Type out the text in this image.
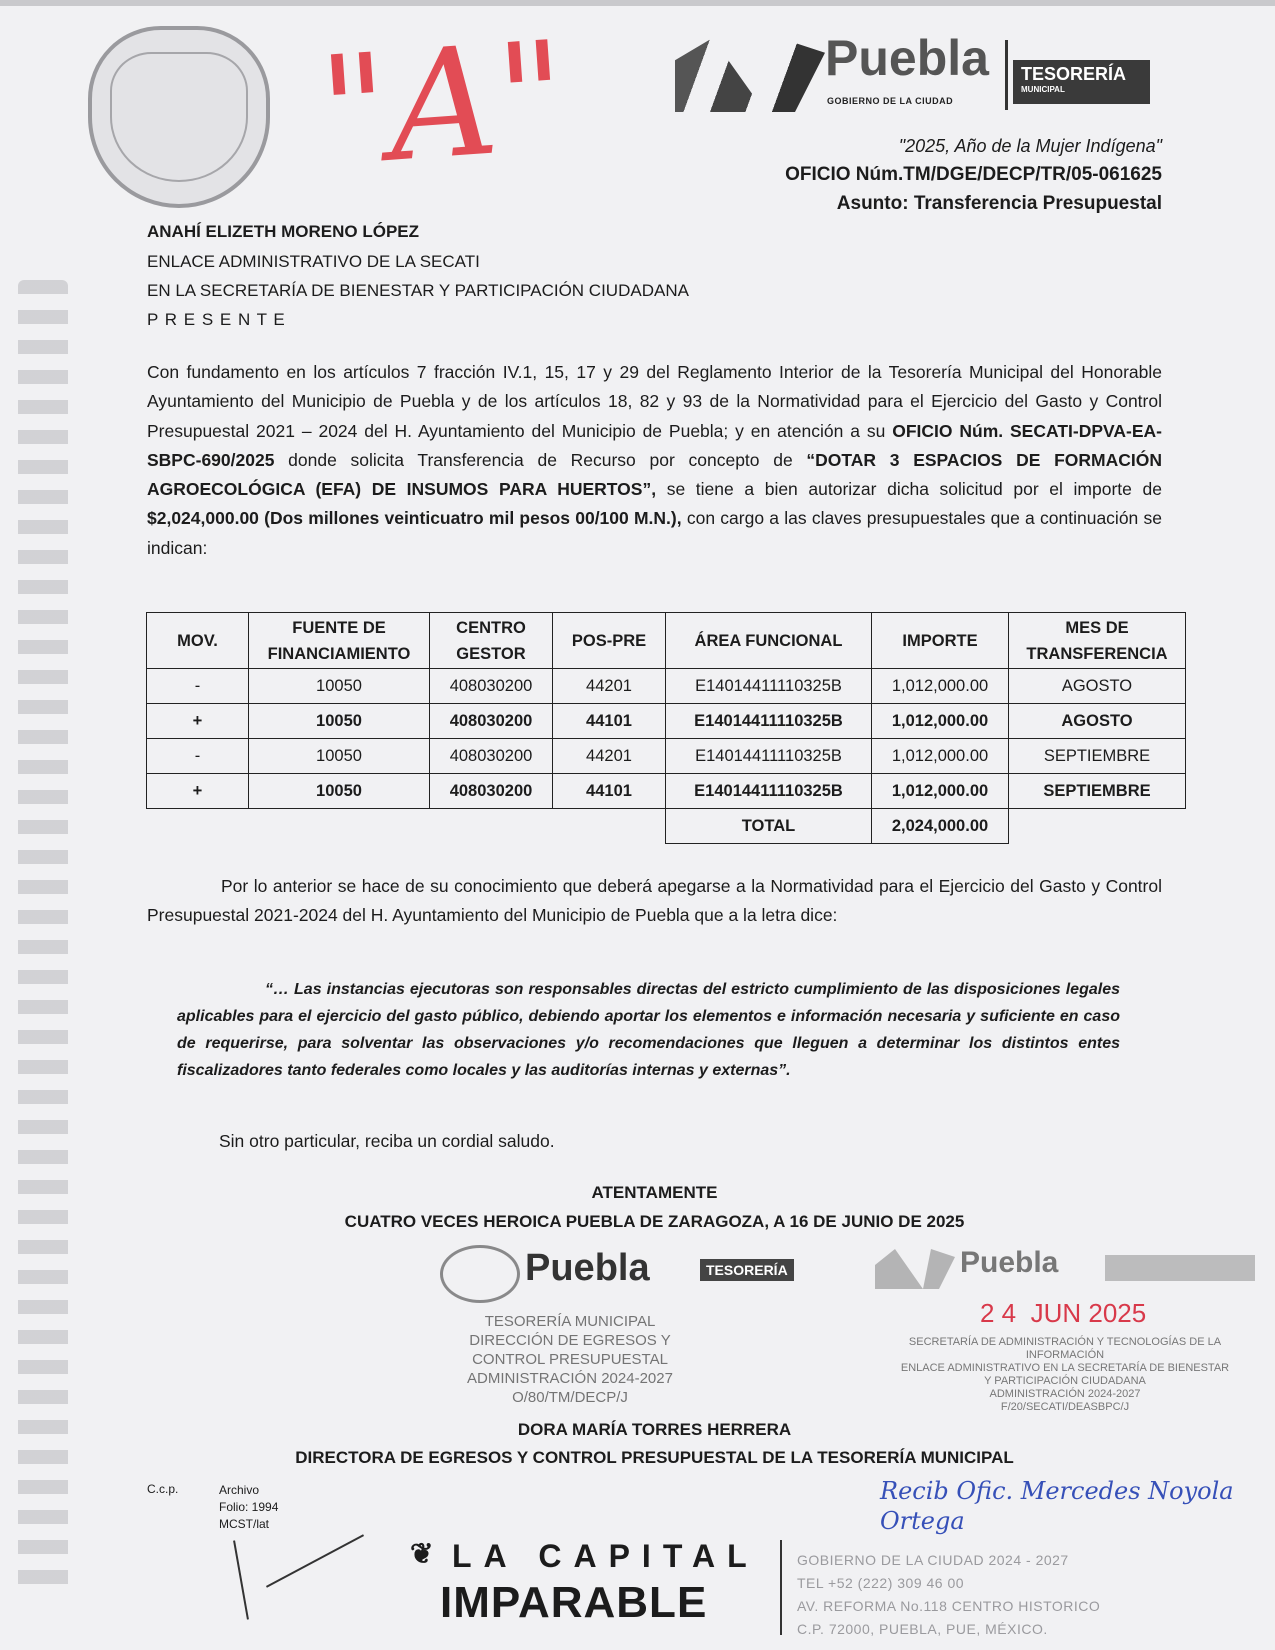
"A"	Puebla
GOBIERNO DE LA CIUDAD
TESORERÍA
MUNICIPAL
"2025, Año de la Mujer Indígena"
OFICIO Núm.TM/DGE/DECP/TR/05-061625
Asunto: Transferencia Presupuestal
ANAHÍ ELIZETH MORENO LÓPEZ
ENLACE ADMINISTRATIVO DE LA SECATI
EN LA SECRETARÍA DE BIENESTAR Y PARTICIPACIÓN CIUDADANA
P R E S E N T E
Con fundamento en los artículos 7 fracción IV.1, 15, 17 y 29 del Reglamento Interior de la Tesorería Municipal del Honorable Ayuntamiento del Municipio de Puebla y de los artículos 18, 82 y 93 de la Normatividad para el Ejercicio del Gasto y Control Presupuestal 2021 – 2024 del H. Ayuntamiento del Municipio de Puebla; y en atención a su OFICIO Núm. SECATI-DPVA-EA-SBPC-690/2025 donde solicita Transferencia de Recurso por concepto de “DOTAR 3 ESPACIOS DE FORMACIÓN AGROECOLÓGICA (EFA) DE INSUMOS PARA HUERTOS”, se tiene a bien autorizar dicha solicitud por el importe de $2,024,000.00 (Dos millones veinticuatro mil pesos 00/100 M.N.), con cargo a las claves presupuestales que a continuación se indican:
MOV.	FUENTE DE FINANCIAMIENTO	CENTRO GESTOR	POS-PRE	ÁREA FUNCIONAL	IMPORTE	MES DE TRANSFERENCIA
-	10050	408030200	44201	E14014411110325B	1,012,000.00	AGOSTO
+	10050	408030200	44101	E14014411110325B	1,012,000.00	AGOSTO
-	10050	408030200	44201	E14014411110325B	1,012,000.00	SEPTIEMBRE
+	10050	408030200	44101	E14014411110325B	1,012,000.00	SEPTIEMBRE
				TOTAL	2,024,000.00	
Por lo anterior se hace de su conocimiento que deberá apegarse a la Normatividad para el Ejercicio del Gasto y Control Presupuestal 2021-2024 del H. Ayuntamiento del Municipio de Puebla que a la letra dice:
“… Las instancias ejecutoras son responsables directas del estricto cumplimiento de las disposiciones legales aplicables para el ejercicio del gasto público, debiendo aportar los elementos e información necesaria y suficiente en caso de requerirse, para solventar las observaciones y/o recomendaciones que lleguen a determinar los distintos entes fiscalizadores tanto federales como locales y las auditorías internas y externas”.
Sin otro particular, reciba un cordial saludo.
ATENTAMENTE
CUATRO VECES HEROICA PUEBLA DE ZARAGOZA, A 16 DE JUNIO DE 2025
Puebla	TESORERÍA
TESORERÍA MUNICIPAL
DIRECCIÓN DE EGRESOS Y
CONTROL PRESUPUESTAL
ADMINISTRACIÓN 2024-2027
O/80/TM/DECP/J
DORA MARÍA TORRES HERRERA
DIRECTORA DE EGRESOS Y CONTROL PRESUPUESTAL DE LA TESORERÍA MUNICIPAL
Puebla
2 4  JUN 2025
SECRETARÍA DE ADMINISTRACIÓN Y TECNOLOGÍAS DE LA INFORMACIÓN
ENLACE ADMINISTRATIVO EN LA SECRETARÍA DE BIENESTAR Y PARTICIPACIÓN CIUDADANA
ADMINISTRACIÓN 2024-2027
F/20/SECATI/DEASBPC/J
Recib Ofic. Mercedes Noyola Ortega
C.c.p.	Archivo
Folio: 1994
MCST/lat
❦ LA CAPITAL
IMPARABLE
GOBIERNO DE LA CIUDAD 2024 - 2027
TEL +52 (222) 309 46 00
AV. REFORMA No.118 CENTRO HISTORICO
C.P. 72000, PUEBLA, PUE, MÉXICO.
